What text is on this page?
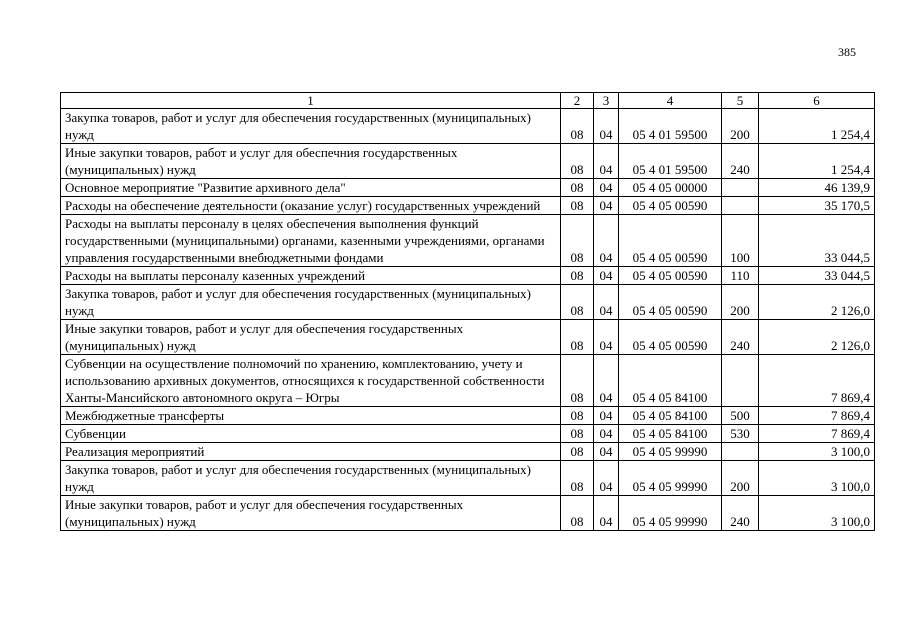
385
1	2	3	4	5	6
Закупка товаров, работ и услуг для обеспечения государственных (муниципальных) нужд	08	04	05 4 01 59500	200	1 254,4
Иные закупки товаров, работ и услуг для обеспечния государственных (муниципальных) нужд	08	04	05 4 01 59500	240	1 254,4
Основное мероприятие "Развитие архивного дела"	08	04	05 4 05 00000		46 139,9
Расходы на обеспечение деятельности (оказание услуг) государственных учреждений	08	04	05 4 05 00590		35 170,5
Расходы на выплаты персоналу в целях обеспечения выполнения функций государственными (муниципальными) органами, казенными учреждениями, органами управления государственными внебюджетными фондами	08	04	05 4 05 00590	100	33 044,5
Расходы на выплаты персоналу казенных учреждений	08	04	05 4 05 00590	110	33 044,5
Закупка товаров, работ и услуг для обеспечения государственных (муниципальных) нужд	08	04	05 4 05 00590	200	2 126,0
Иные закупки товаров, работ и услуг для обеспечения государственных (муниципальных) нужд	08	04	05 4 05 00590	240	2 126,0
Субвенции на осуществление полномочий по хранению, комплектованию, учету и использованию архивных документов, относящихся к государственной собственности Ханты-Мансийского автономного округа – Югры	08	04	05 4 05 84100		7 869,4
Межбюджетные трансферты	08	04	05 4 05 84100	500	7 869,4
Субвенции	08	04	05 4 05 84100	530	7 869,4
Реализация мероприятий	08	04	05 4 05 99990		3 100,0
Закупка товаров, работ и услуг для обеспечения государственных (муниципальных) нужд	08	04	05 4 05 99990	200	3 100,0
Иные закупки товаров, работ и услуг для обеспечения государственных (муниципальных) нужд	08	04	05 4 05 99990	240	3 100,0
